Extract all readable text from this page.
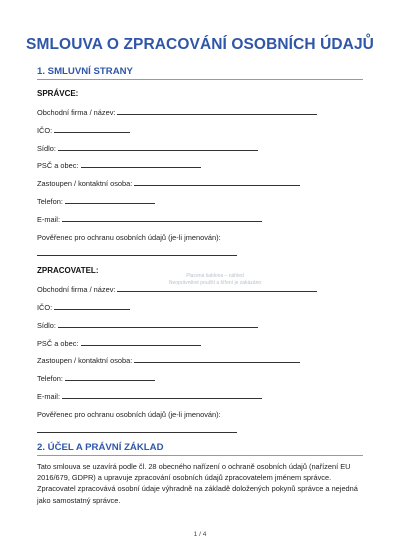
SMLOUVA O ZPRACOVÁNÍ OSOBNÍCH ÚDAJŮ
1. SMLUVNÍ STRANY
SPRÁVCE:
Obchodní firma / název:
IČO:
Sídlo:
PSČ a obec:
Zastoupen / kontaktní osoba:
Telefon:
E-mail:
Pověřenec pro ochranu osobních údajů (je-li jmenován):
ZPRACOVATEL:
Obchodní firma / název:
IČO:
Sídlo:
PSČ a obec:
Zastoupen / kontaktní osoba:
Telefon:
E-mail:
Pověřenec pro ochranu osobních údajů (je-li jmenován):
2. ÚČEL A PRÁVNÍ ZÁKLAD
Tato smlouva se uzavírá podle čl. 28 obecného nařízení o ochraně osobních údajů (nařízení EU 2016/679, GDPR) a upravuje zpracování osobních údajů zpracovatelem jménem správce. Zpracovatel zpracovává osobní údaje výhradně na základě doložených pokynů správce a nejedná jako samostatný správce.
Placená šablona – náhled
Neoprávněné použití a šíření je zakázáno
1 / 4
